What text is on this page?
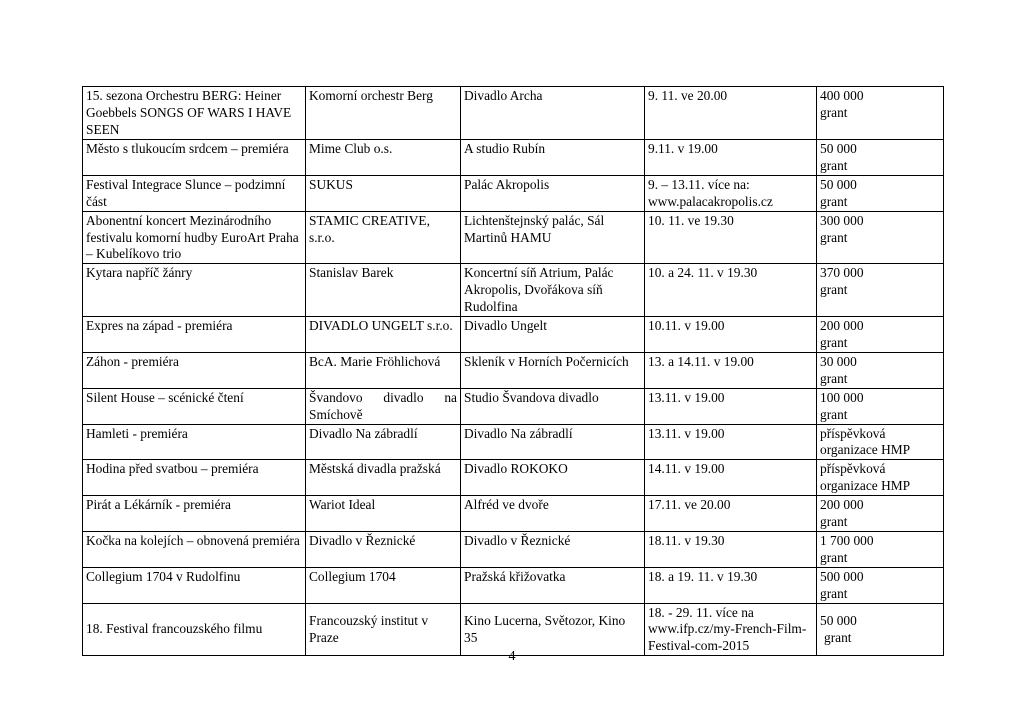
15. sezona Orchestru BERG: Heiner Goebbels SONGS OF WARS I HAVE SEEN	Komorní orchestr Berg	Divadlo Archa	9. 11. ve 20.00	400 000
grant

Město s tlukoucím srdcem – premiéra	Mime Club o.s.	A studio Rubín	9.11. v 19.00	50 000
grant

Festival Integrace Slunce – podzimní část	SUKUS	Palác Akropolis	9. – 13.11. více na: www.palacakropolis.cz	50 000
grant

Abonentní koncert Mezinárodního festivalu komorní hudby EuroArt Praha – Kubelíkovo trio	STAMIC CREATIVE, s.r.o.	Lichtenštejnský palác, Sál Martinů HAMU	10. 11. ve 19.30	300 000
grant

Kytara napříč žánry	Stanislav Barek	Koncertní síň Atrium, Palác Akropolis, Dvořákova síň Rudolfina	10. a 24. 11. v 19.30	370 000
grant

Expres na západ - premiéra	DIVADLO UNGELT s.r.o.	Divadlo Ungelt	10.11. v 19.00	200 000
grant

Záhon - premiéra	BcA. Marie Fröhlichová	Skleník v Horních Počernicích	13. a 14.11. v 19.00	30 000
grant

Silent House – scénické čtení	Švandovo divadlo na
Smíchově	Studio Švandova divadlo	13.11. v 19.00	100 000
grant

Hamleti - premiéra	Divadlo Na zábradlí	Divadlo Na zábradlí	13.11. v 19.00	příspěvková
organizace HMP

Hodina před svatbou – premiéra	Městská divadla pražská	Divadlo ROKOKO	14.11. v 19.00	příspěvková
organizace HMP

Pirát a Lékárník - premiéra	Wariot Ideal	Alfréd ve dvoře	17.11. ve 20.00	200 000
grant

Kočka na kolejích – obnovená premiéra	Divadlo v Řeznické	Divadlo v Řeznické	18.11. v 19.30	1 700 000
grant

Collegium 1704 v Rudolfinu	Collegium 1704	Pražská křižovatka	18. a 19. 11. v 19.30	500 000
grant

18. Festival francouzského filmu	Francouzský institut v Praze	Kino Lucerna, Světozor, Kino 35	18. - 29. 11. více na www.ifp.cz/my-French-Film-Festival-com-2015	50 000
grant
4
